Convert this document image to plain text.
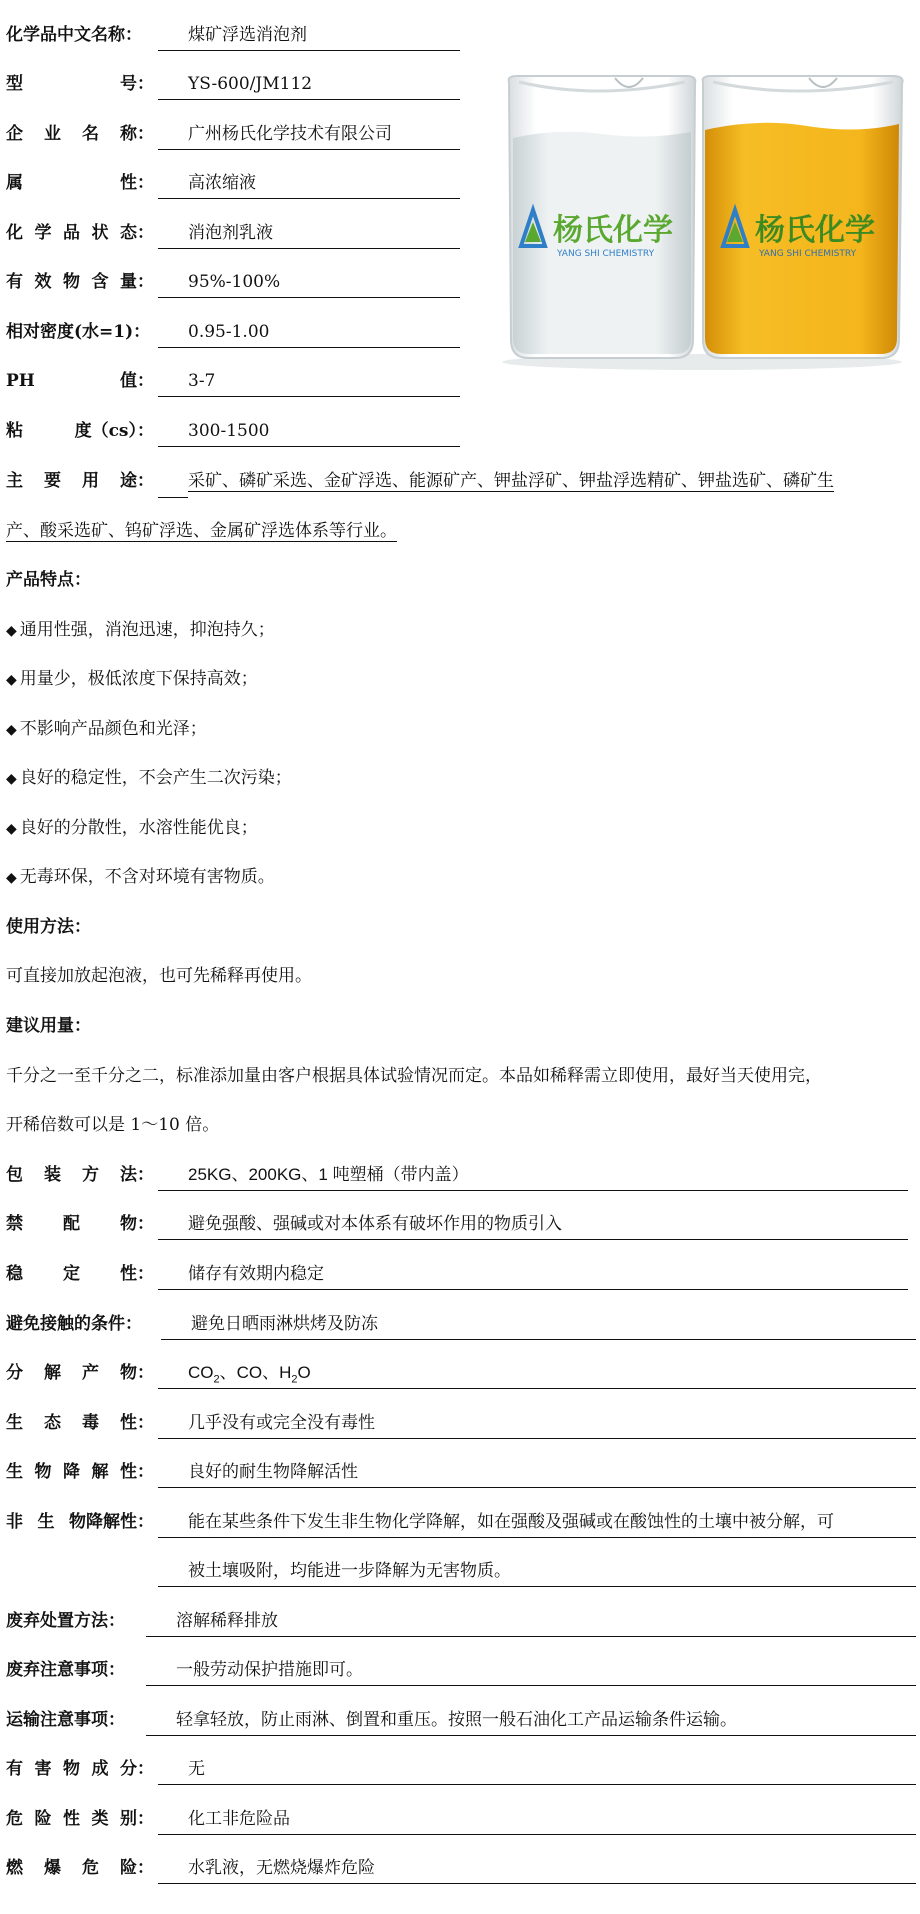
化学品中文名称：	煤矿浮选消泡剂
型	号：	YS-600/JM112
企 业 名 称：	广州杨氏化学技术有限公司
属	性：	高浓缩液
化 学 品 状 态：	消泡剂乳液
有 效 物 含 量：	95%-100%
相对密度(水=1)：	0.95-1.00
PH	值：	3-7
粘	度（cs）：	300-1500
杨氏化学
YANG SHI CHEMISTRY
杨氏化学
YANG SHI CHEMISTRY
主 要 用 途： 采矿、磷矿采选、金矿浮选、能源矿产、钾盐浮矿、钾盐浮选精矿、钾盐选矿、磷矿生
产、酸采选矿、钨矿浮选、金属矿浮选体系等行业。
产品特点：
◆ 通用性强，消泡迅速，抑泡持久；
◆ 用量少，极低浓度下保持高效；
◆ 不影响产品颜色和光泽；
◆ 良好的稳定性，不会产生二次污染；
◆ 良好的分散性，水溶性能优良；
◆ 无毒环保，不含对环境有害物质。
使用方法：
可直接加放起泡液，也可先稀释再使用。
建议用量：
千分之一至千分之二，标准添加量由客户根据具体试验情况而定。本品如稀释需立即使用，最好当天使用完，
开稀倍数可以是 1～10 倍。
包 装 方 法：	25KG、200KG、1 吨塑桶（带内盖）
禁 配 物：	避免强酸、强碱或对本体系有破坏作用的物质引入
稳 定 性：	储存有效期内稳定
避免接触的条件：	避免日晒雨淋烘烤及防冻
分 解 产 物：	$CO_2$、CO、$H_2O$
生 态 毒 性：	几乎没有或完全没有毒性
生 物 降 解 性：	良好的耐生物降解活性
非 生 物降解性：	能在某些条件下发生非生物化学降解，如在强酸及强碱或在酸蚀性的土壤中被分解，可
被土壤吸附，均能进一步降解为无害物质。
废弃处置方法：	溶解稀释排放
废弃注意事项：	一般劳动保护措施即可。
运输注意事项：	轻拿轻放，防止雨淋、倒置和重压。按照一般石油化工产品运输条件运输。
有 害 物 成 分：	无
危 险 性 类 别：	化工非危险品
燃 爆 危 险：	水乳液，无燃烧爆炸危险
